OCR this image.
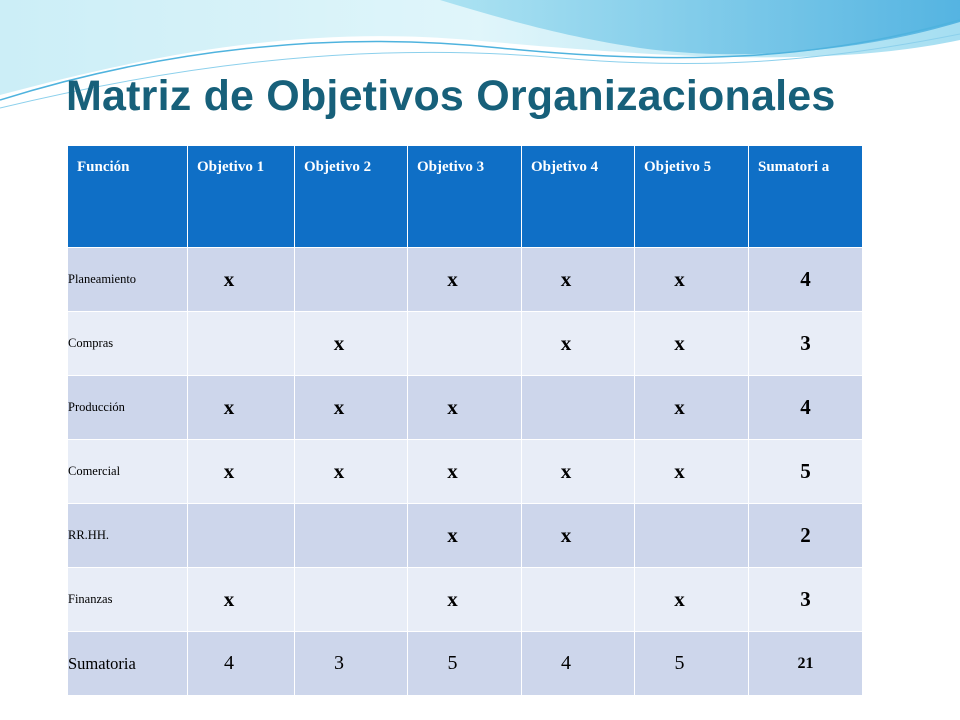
Matriz de Objetivos Organizacionales
Función	Objetivo 1	Objetivo 2	Objetivo 3	Objetivo 4	Objetivo 5	Sumatori a
Planeamiento	x		x	x	x	4
Compras		x		x	x	3
Producción	x	x	x		x	4
Comercial	x	x	x	x	x	5
RR.HH.			x	x		2
Finanzas	x		x		x	3
Sumatoria	4	3	5	4	5	21
